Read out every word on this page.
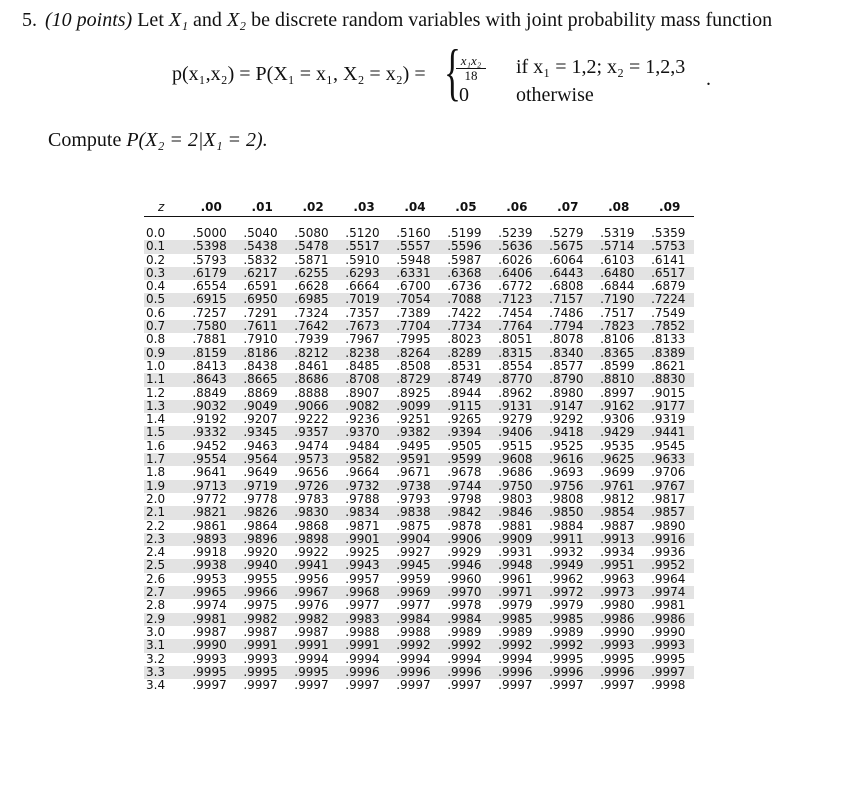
5. (10 points) Let X₁ and X₂ be discrete random variables with joint probability mass function
p(x₁,x₂) = P(X₁ = x₁, X₂ = x₂) = { x₁x₂
18
0
if x₁ = 1,2; x₂ = 1,2,3
otherwise
.
Compute P(X₂ = 2|X₁ = 2).
z	.00	.01	.02	.03	.04	.05	.06	.07	.08	.09
0.0	.5000	.5040	.5080	.5120	.5160	.5199	.5239	.5279	.5319	.5359
0.1	.5398	.5438	.5478	.5517	.5557	.5596	.5636	.5675	.5714	.5753
0.2	.5793	.5832	.5871	.5910	.5948	.5987	.6026	.6064	.6103	.6141
0.3	.6179	.6217	.6255	.6293	.6331	.6368	.6406	.6443	.6480	.6517
0.4	.6554	.6591	.6628	.6664	.6700	.6736	.6772	.6808	.6844	.6879
0.5	.6915	.6950	.6985	.7019	.7054	.7088	.7123	.7157	.7190	.7224
0.6	.7257	.7291	.7324	.7357	.7389	.7422	.7454	.7486	.7517	.7549
0.7	.7580	.7611	.7642	.7673	.7704	.7734	.7764	.7794	.7823	.7852
0.8	.7881	.7910	.7939	.7967	.7995	.8023	.8051	.8078	.8106	.8133
0.9	.8159	.8186	.8212	.8238	.8264	.8289	.8315	.8340	.8365	.8389
1.0	.8413	.8438	.8461	.8485	.8508	.8531	.8554	.8577	.8599	.8621
1.1	.8643	.8665	.8686	.8708	.8729	.8749	.8770	.8790	.8810	.8830
1.2	.8849	.8869	.8888	.8907	.8925	.8944	.8962	.8980	.8997	.9015
1.3	.9032	.9049	.9066	.9082	.9099	.9115	.9131	.9147	.9162	.9177
1.4	.9192	.9207	.9222	.9236	.9251	.9265	.9279	.9292	.9306	.9319
1.5	.9332	.9345	.9357	.9370	.9382	.9394	.9406	.9418	.9429	.9441
1.6	.9452	.9463	.9474	.9484	.9495	.9505	.9515	.9525	.9535	.9545
1.7	.9554	.9564	.9573	.9582	.9591	.9599	.9608	.9616	.9625	.9633
1.8	.9641	.9649	.9656	.9664	.9671	.9678	.9686	.9693	.9699	.9706
1.9	.9713	.9719	.9726	.9732	.9738	.9744	.9750	.9756	.9761	.9767
2.0	.9772	.9778	.9783	.9788	.9793	.9798	.9803	.9808	.9812	.9817
2.1	.9821	.9826	.9830	.9834	.9838	.9842	.9846	.9850	.9854	.9857
2.2	.9861	.9864	.9868	.9871	.9875	.9878	.9881	.9884	.9887	.9890
2.3	.9893	.9896	.9898	.9901	.9904	.9906	.9909	.9911	.9913	.9916
2.4	.9918	.9920	.9922	.9925	.9927	.9929	.9931	.9932	.9934	.9936
2.5	.9938	.9940	.9941	.9943	.9945	.9946	.9948	.9949	.9951	.9952
2.6	.9953	.9955	.9956	.9957	.9959	.9960	.9961	.9962	.9963	.9964
2.7	.9965	.9966	.9967	.9968	.9969	.9970	.9971	.9972	.9973	.9974
2.8	.9974	.9975	.9976	.9977	.9977	.9978	.9979	.9979	.9980	.9981
2.9	.9981	.9982	.9982	.9983	.9984	.9984	.9985	.9985	.9986	.9986
3.0	.9987	.9987	.9987	.9988	.9988	.9989	.9989	.9989	.9990	.9990
3.1	.9990	.9991	.9991	.9991	.9992	.9992	.9992	.9992	.9993	.9993
3.2	.9993	.9993	.9994	.9994	.9994	.9994	.9994	.9995	.9995	.9995
3.3	.9995	.9995	.9995	.9996	.9996	.9996	.9996	.9996	.9996	.9997
3.4	.9997	.9997	.9997	.9997	.9997	.9997	.9997	.9997	.9997	.9998
